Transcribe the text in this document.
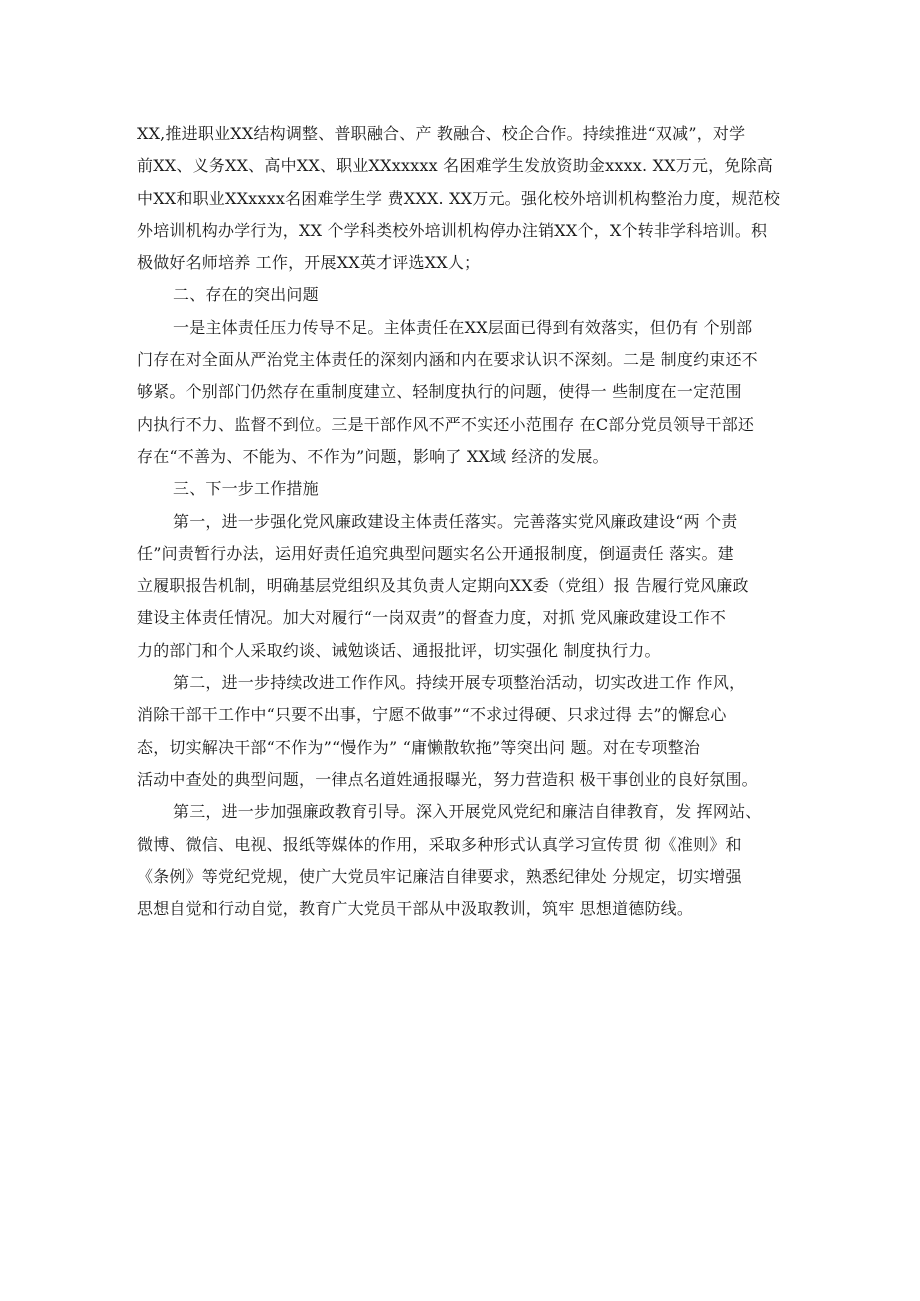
XX,推进职业XX结构调整、普职融合、产 教融合、校企合作。持续推进“双减”，对学
前XX、义务XX、高中XX、职业XXxxxxx 名困难学生发放资助金xxxx. XX万元，免除高
中XX和职业XXxxxx名困难学生学 费XXX. XX万元。强化校外培训机构整治力度，规范校
外培训机构办学行为，XX 个学科类校外培训机构停办注销XX个，X个转非学科培训。积
极做好名师培养 工作，开展XX英才评选XX人；
二、存在的突出问题
一是主体责任压力传导不足。主体责任在XX层面已得到有效落实，但仍有 个别部
门存在对全面从严治党主体责任的深刻内涵和内在要求认识不深刻。二是 制度约束还不
够紧。个别部门仍然存在重制度建立、轻制度执行的问题，使得一 些制度在一定范围
内执行不力、监督不到位。三是干部作风不严不实还小范围存 在C部分党员领导干部还
存在“不善为、不能为、不作为”问题，影响了 XX域 经济的发展。
三、下一步工作措施
第一，进一步强化党风廉政建设主体责任落实。完善落实党风廉政建设“两 个责
任”问责暂行办法，运用好责任追究典型问题实名公开通报制度，倒逼责任 落实。建
立履职报告机制，明确基层党组织及其负责人定期向XX委（党组）报 告履行党风廉政
建设主体责任情况。加大对履行“一岗双责”的督查力度，对抓 党风廉政建设工作不
力的部门和个人采取约谈、诫勉谈话、通报批评，切实强化 制度执行力。
第二，进一步持续改进工作作风。持续开展专项整治活动，切实改进工作 作风，
消除干部干工作中“只要不出事，宁愿不做事”“不求过得硬、只求过得 去”的懈怠心
态，切实解决干部“不作为”“慢作为” “庸懒散软拖”等突出问 题。对在专项整治
活动中查处的典型问题，一律点名道姓通报曝光，努力营造积 极干事创业的良好氛围。
第三，进一步加强廉政教育引导。深入开展党风党纪和廉洁自律教育，发 挥网站、
微博、微信、电视、报纸等媒体的作用，采取多种形式认真学习宣传贯 彻《准则》和
《条例》等党纪党规，使广大党员牢记廉洁自律要求，熟悉纪律处 分规定，切实增强
思想自觉和行动自觉，教育广大党员干部从中汲取教训，筑牢 思想道德防线。
